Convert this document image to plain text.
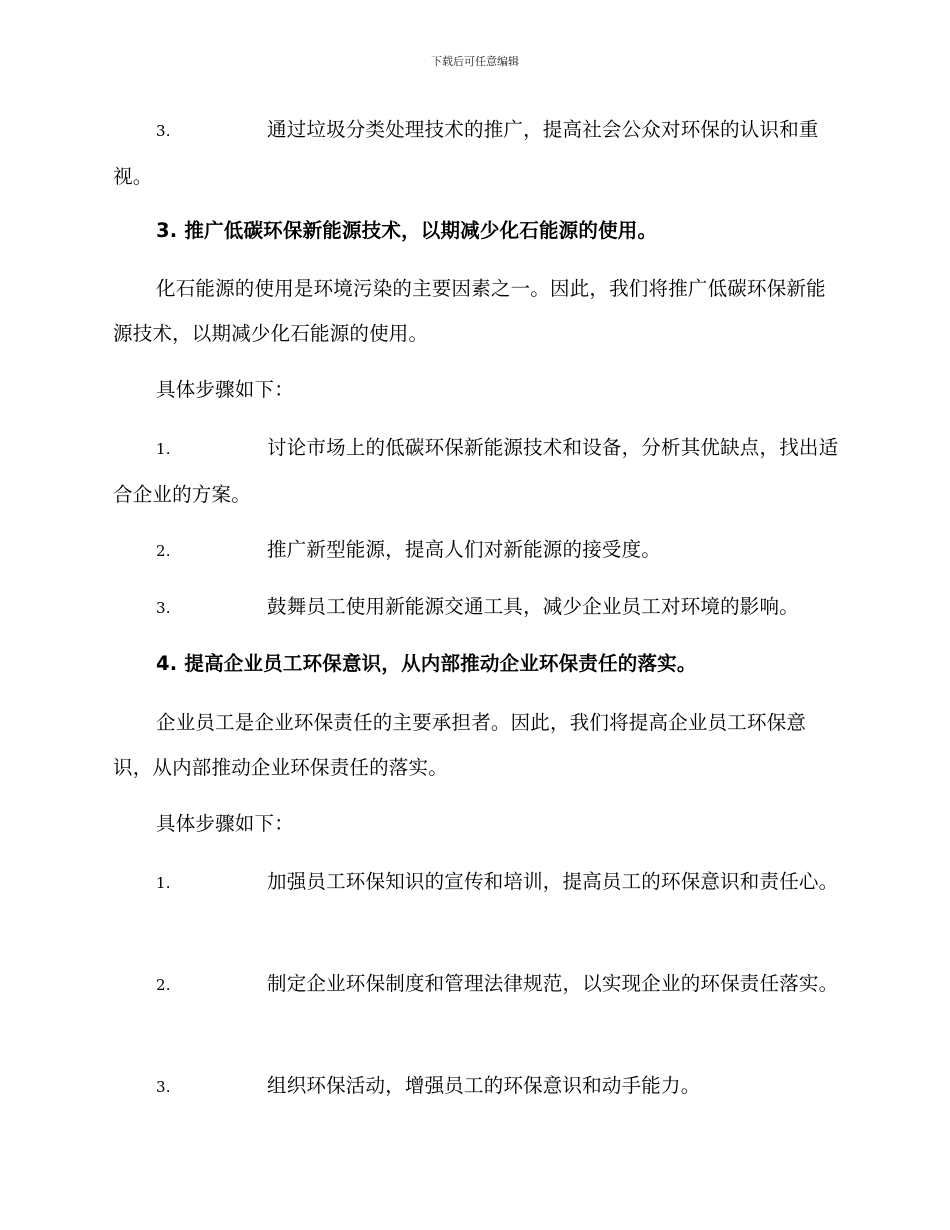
下载后可任意编辑
3.	通过垃圾分类处理技术的推广，提高社会公众对环保的认识和重视。
3. 推广低碳环保新能源技术，以期减少化石能源的使用。
化石能源的使用是环境污染的主要因素之一。因此，我们将推广低碳环保新能源技术，以期减少化石能源的使用。
具体步骤如下：
1.	讨论市场上的低碳环保新能源技术和设备，分析其优缺点，找出适合企业的方案。
2.	推广新型能源，提高人们对新能源的接受度。
3.	鼓舞员工使用新能源交通工具，减少企业员工对环境的影响。
4. 提高企业员工环保意识，从内部推动企业环保责任的落实。
企业员工是企业环保责任的主要承担者。因此，我们将提高企业员工环保意识，从内部推动企业环保责任的落实。
具体步骤如下：
1.	加强员工环保知识的宣传和培训，提高员工的环保意识和责任心。
2.	制定企业环保制度和管理法律规范，以实现企业的环保责任落实。
3.	组织环保活动，增强员工的环保意识和动手能力。
